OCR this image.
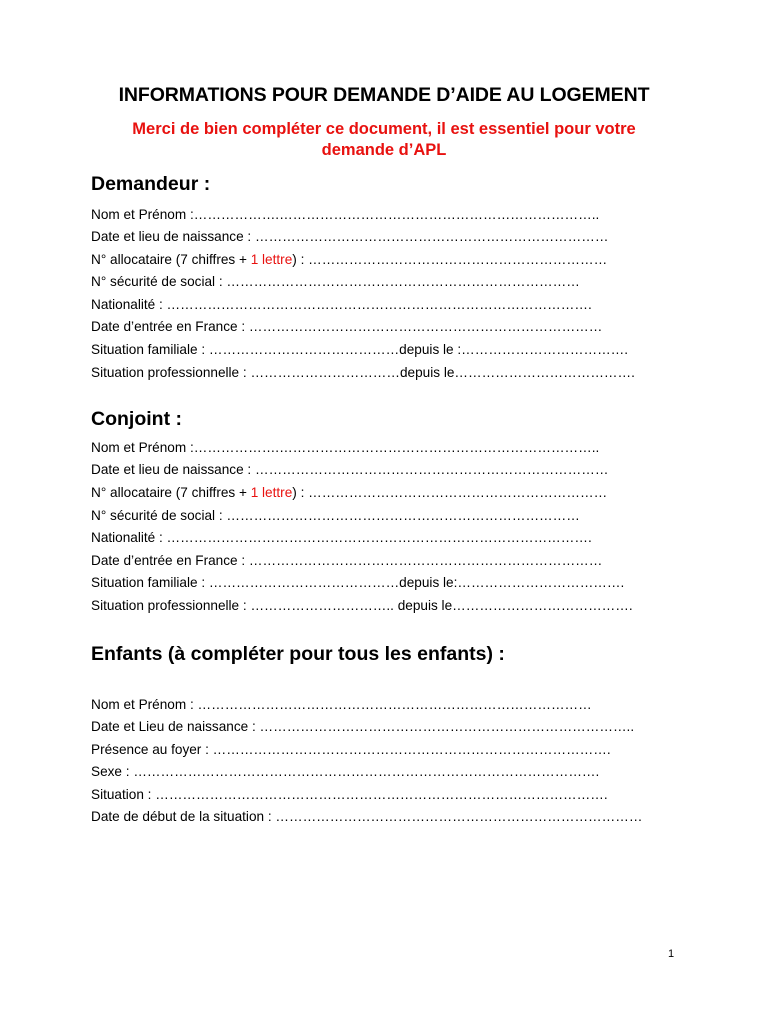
INFORMATIONS POUR DEMANDE D’AIDE AU LOGEMENT
Merci de bien compléter ce document, il est essentiel pour votre
demande d’APL
Demandeur :
Nom et Prénom :……………….……………………………………………………………..
Date et lieu de naissance : ……………………………………………………………………
N° allocataire (7 chiffres + 1 lettre) : …………………………………………………………
N° sécurité de social : ……………………………………………………………………
Nationalité : ………………………………………………………………………………….
Date d’entrée en France : ……………………………………………………………………
Situation familiale : ……………………………………depuis le :……………………………….
Situation professionnelle : ……………………………depuis le………………………………….
Conjoint :
Nom et Prénom :……………….……………………………………………………………..
Date et lieu de naissance : ……………………………………………………………………
N° allocataire (7 chiffres + 1 lettre) : …………………………………………………………
N° sécurité de social : ……………………………………………………………………
Nationalité : ………………………………………………………………………………….
Date d’entrée en France : ……………………………………………………………………
Situation familiale : ……………………………………depuis le:……………………………….
Situation professionnelle : ………………………….. depuis le………………………………….
Enfants (à compléter pour tous les enfants) :
Nom et Prénom : ……………………………………………………………………………
Date et Lieu de naissance : ………………………………………………………………………..
Présence au foyer : …………………………………………………………………………….
Sexe : ………………………………………………………………………………………….
Situation : ……………………………………………………………………………………….
Date de début de la situation : ………………………………………………………………………
1
